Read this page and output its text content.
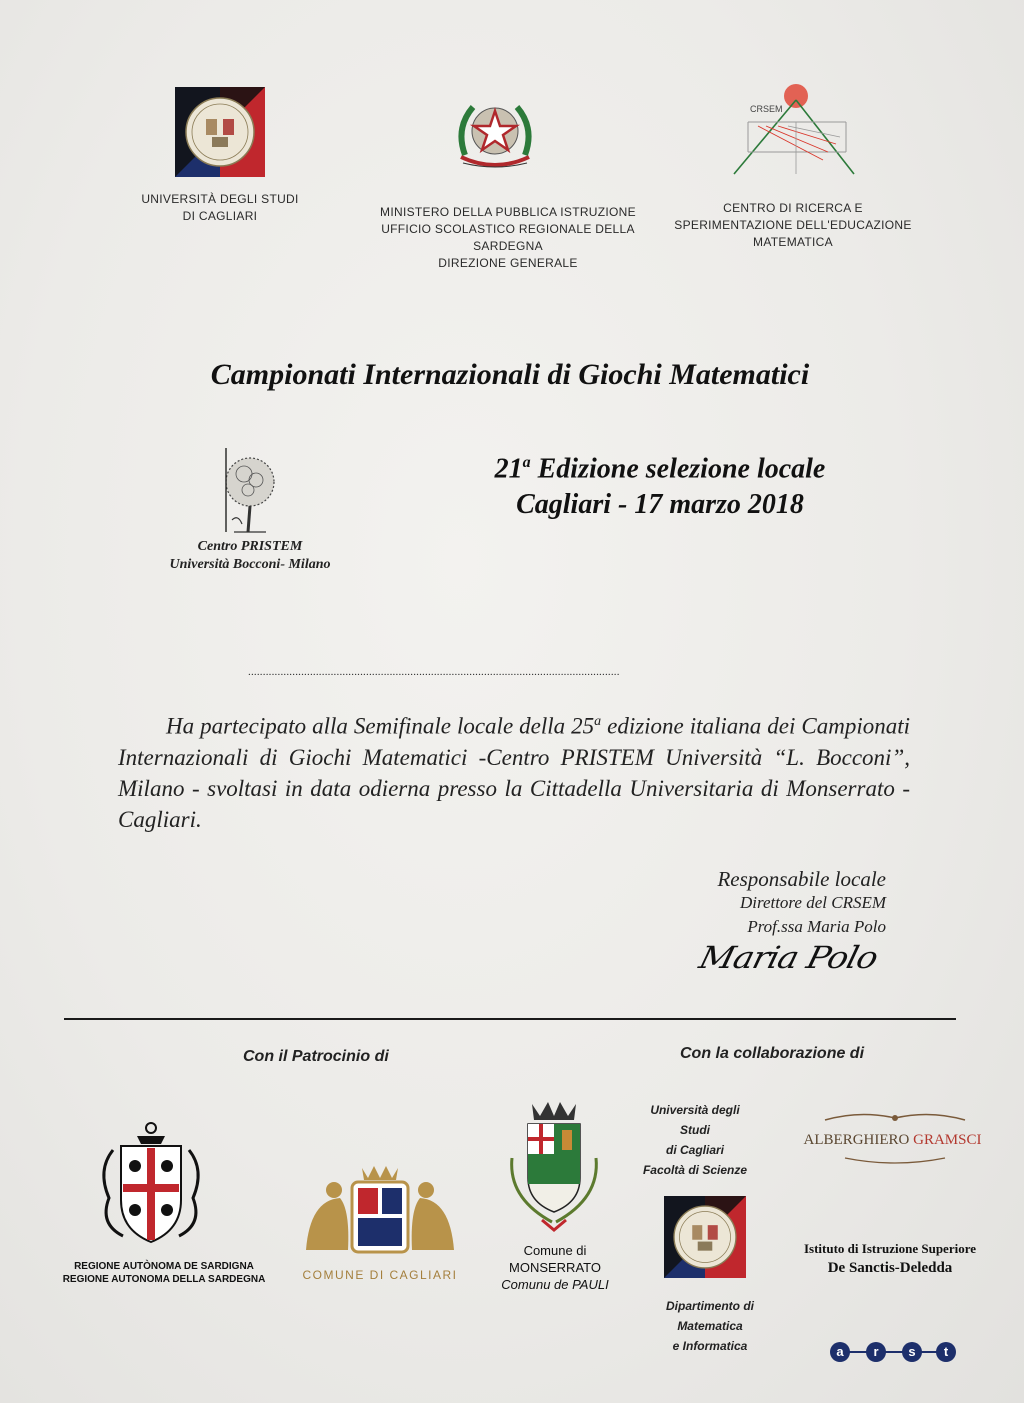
UNIVERSITÀ DEGLI STUDI
DI CAGLIARI	MINISTERO DELLA PUBBLICA ISTRUZIONE
UFFICIO SCOLASTICO REGIONALE DELLA
SARDEGNA
DIREZIONE GENERALE
CRSEM
CENTRO DI RICERCA E
SPERIMENTAZIONE DELL'EDUCAZIONE
MATEMATICA
Campionati Internazionali di Giochi Matematici
Centro PRISTEM
Università Bocconi- Milano
21$^a$ Edizione selezione locale
Cagliari - 17 marzo 2018
..............................................................................................................................
Ha partecipato alla Semifinale locale della 25$^a$ edizione italiana dei Campionati Internazionali di Giochi Matematici -Centro PRISTEM Università “L. Bocconi”, Milano - svoltasi in data odierna presso la Cittadella Universitaria di Monserrato - Cagliari.
Responsabile locale
Direttore del CRSEM
Prof.ssa Maria Polo
Maria Polo
Con il Patrocinio di	Con la collaborazione di
REGIONE AUTÒNOMA DE SARDIGNA
REGIONE AUTONOMA DELLA SARDEGNA	COMUNE DI CAGLIARI
Comune di
MONSERRATO
Comunu de PAULI
Università degli
Studi
di Cagliari
Facoltà di Scienze
Dipartimento di
Matematica
e Informatica
ALBERGHIERO GRAMSCI
Istituto di Istruzione Superiore
De Sanctis-Deledda
a	r	s	t
